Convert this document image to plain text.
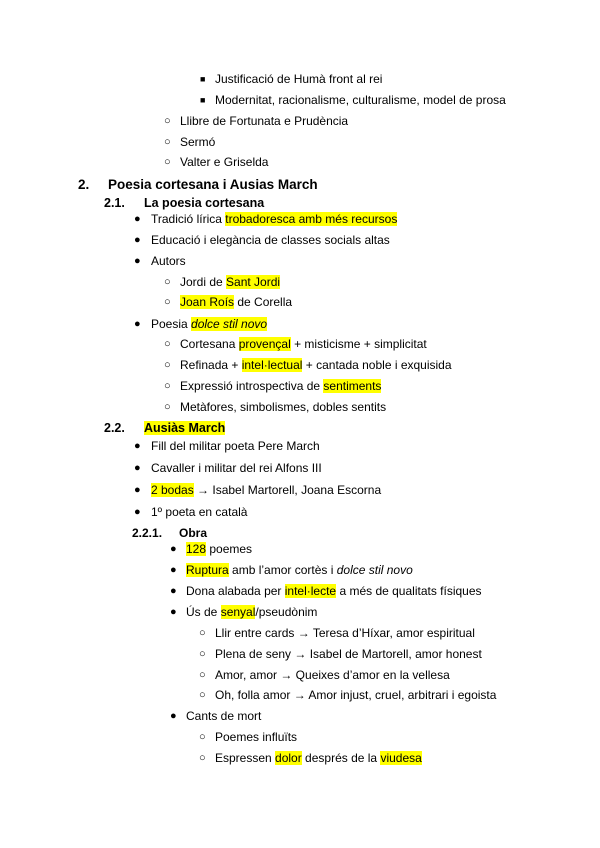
■ Justificació de Humà front al rei
■ Modernitat, racionalisme, culturalisme, model de prosa
○ Llibre de Fortunata e Prudència
○ Sermó
○ Valter e Griselda
2. Poesia cortesana i Ausias March
2.1. La poesia cortesana
● Tradició lírica trobadoresca amb més recursos
● Educació i elegància de classes socials altas
● Autors
○ Jordi de Sant Jordi
○ Joan Roís de Corella
● Poesia dolce stil novo
○ Cortesana provençal + misticisme + simplicitat
○ Refinada + intel·lectual + cantada noble i exquisida
○ Expressió introspectiva de sentiments
○ Metàfores, simbolismes, dobles sentits
2.2. Ausiàs March
● Fill del militar poeta Pere March
● Cavaller i militar del rei Alfons III
● 2 bodas → Isabel Martorell, Joana Escorna
● 1º poeta en català
2.2.1. Obra
● 128 poemes
● Ruptura amb l’amor cortès i dolce stil novo
● Dona alabada per intel·lecte a més de qualitats físiques
● Ús de senyal/pseudònim
○ Llir entre cards → Teresa d’Híxar, amor espiritual
○ Plena de seny → Isabel de Martorell, amor honest
○ Amor, amor → Queixes d’amor en la vellesa
○ Oh, folla amor → Amor injust, cruel, arbitrari i egoista
● Cants de mort
○ Poemes influïts
○ Espressen dolor després de la viudesa
